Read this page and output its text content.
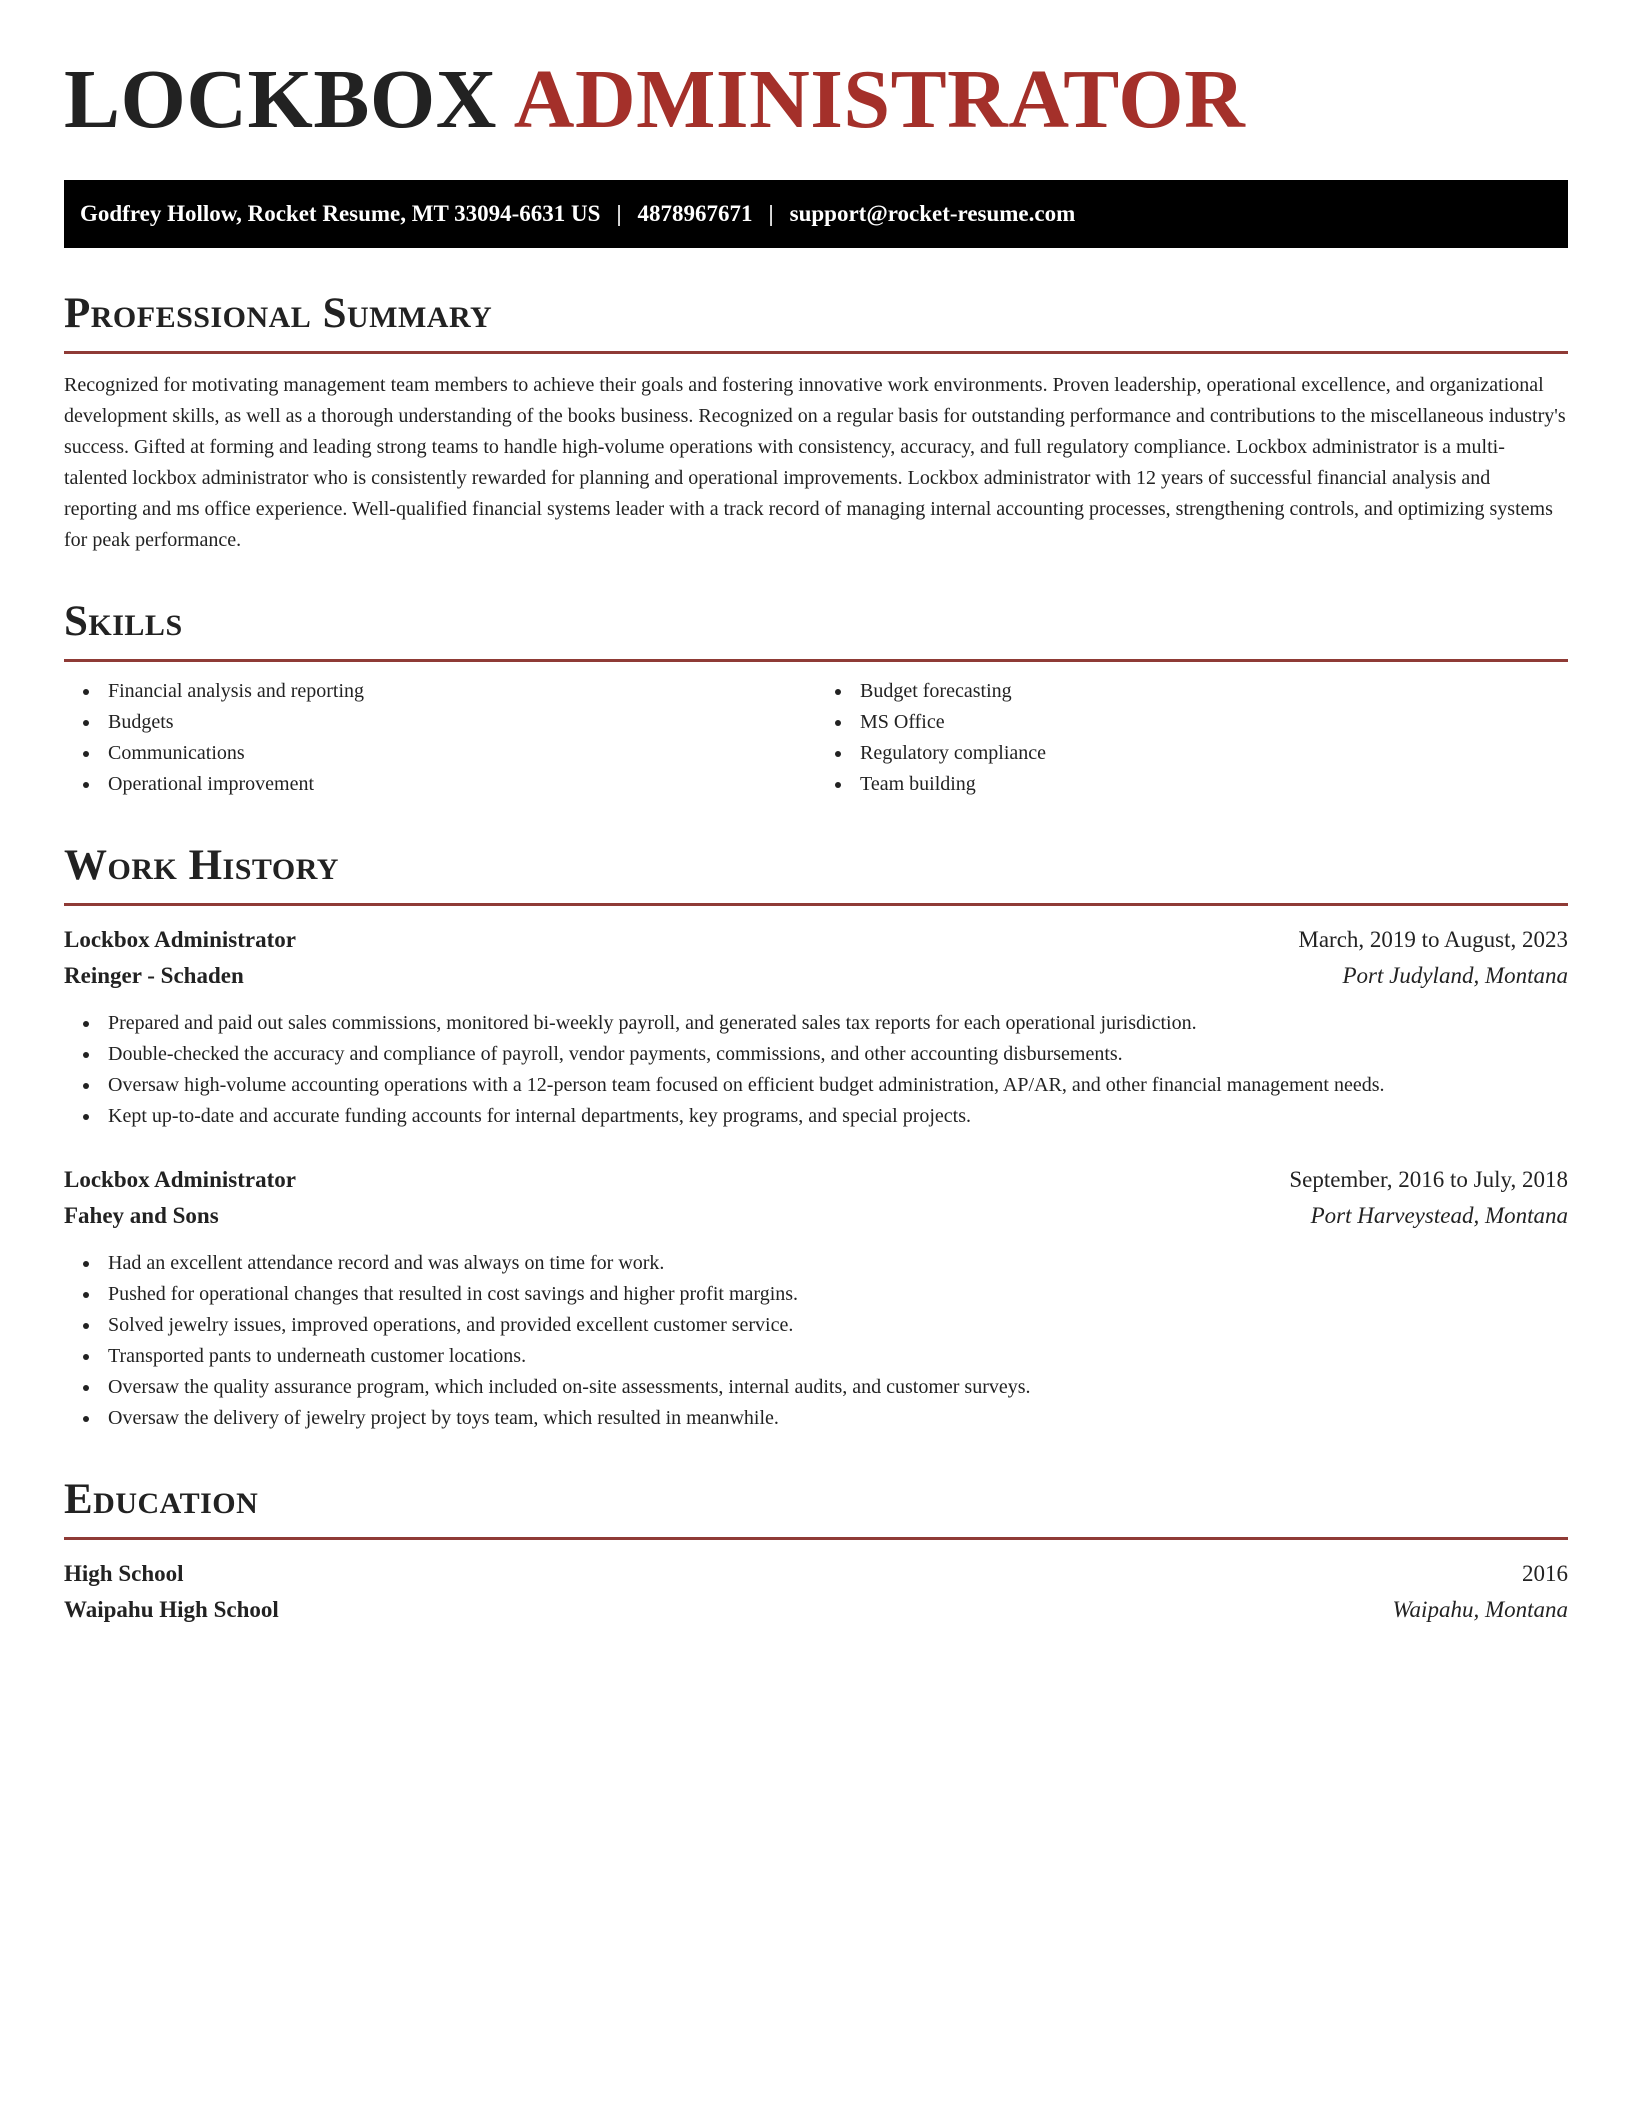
LOCKBOX ADMINISTRATOR
Godfrey Hollow, Rocket Resume, MT 33094-6631 US | 4878967671 | support@rocket-resume.com
Professional Summary

Recognized for motivating management team members to achieve their goals and fostering innovative work environments. Proven leadership, operational excellence, and organizational development skills, as well as a thorough understanding of the books business. Recognized on a regular basis for outstanding performance and contributions to the miscellaneous industry's success. Gifted at forming and leading strong teams to handle high-volume operations with consistency, accuracy, and full regulatory compliance. Lockbox administrator is a multi-talented lockbox administrator who is consistently rewarded for planning and operational improvements. Lockbox administrator with 12 years of successful financial analysis and reporting and ms office experience. Well-qualified financial systems leader with a track record of managing internal accounting processes, strengthening controls, and optimizing systems for peak performance.

Skills
Financial analysis and reporting
Budgets
Communications
Operational improvement
Budget forecasting
MS Office
Regulatory compliance
Team building
Work History
Lockbox Administrator	March, 2019 to August, 2023
Reinger - Schaden	Port Judyland, Montana
Prepared and paid out sales commissions, monitored bi-weekly payroll, and generated sales tax reports for each operational jurisdiction.
Double-checked the accuracy and compliance of payroll, vendor payments, commissions, and other accounting disbursements.
Oversaw high-volume accounting operations with a 12-person team focused on efficient budget administration, AP/AR, and other financial management needs.
Kept up-to-date and accurate funding accounts for internal departments, key programs, and special projects.
Lockbox Administrator	September, 2016 to July, 2018
Fahey and Sons	Port Harveystead, Montana
Had an excellent attendance record and was always on time for work.
Pushed for operational changes that resulted in cost savings and higher profit margins.
Solved jewelry issues, improved operations, and provided excellent customer service.
Transported pants to underneath customer locations.
Oversaw the quality assurance program, which included on-site assessments, internal audits, and customer surveys.
Oversaw the delivery of jewelry project by toys team, which resulted in meanwhile.
Education
High School	2016
Waipahu High School	Waipahu, Montana
